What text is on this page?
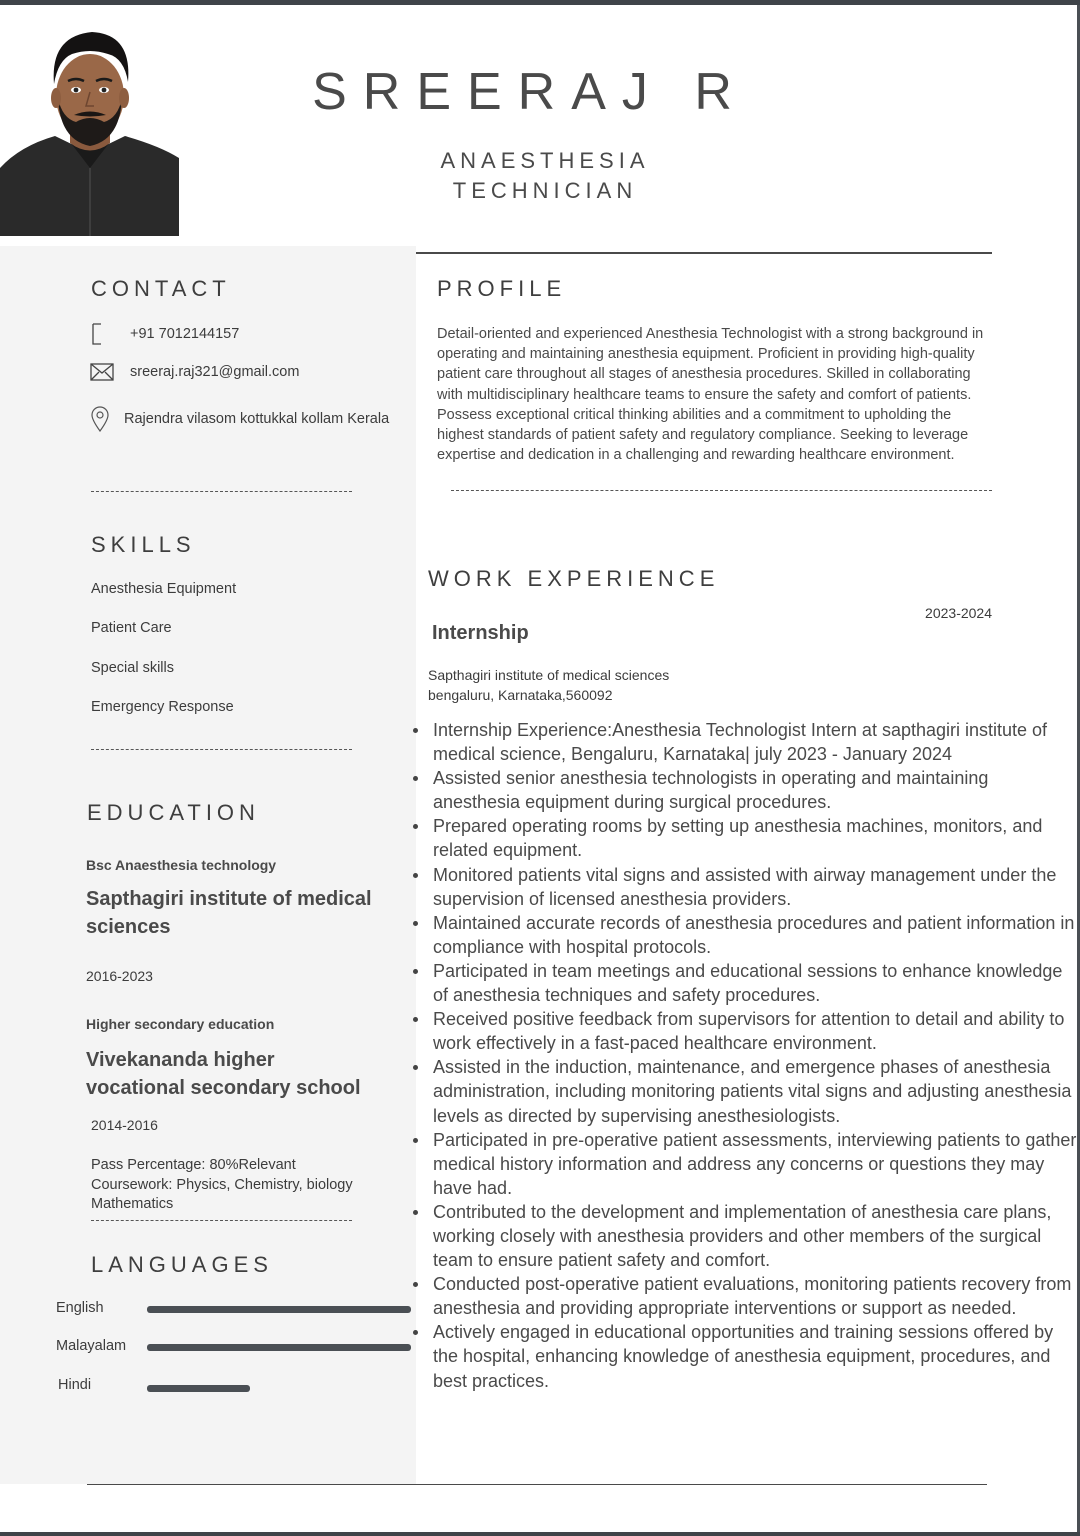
SREERAJ R
ANAESTHESIA
TECHNICIAN
CONTACT
+91 7012144157
sreeraj.raj321@gmail.com
Rajendra vilasom kottukkal kollam Kerala
SKILLS
Anesthesia Equipment
Patient Care
Special skills
Emergency Response
EDUCATION
Bsc Anaesthesia technology
Sapthagiri institute of medical sciences
2016-2023
Higher secondary education
Vivekananda higher
vocational secondary school
2014-2016
Pass Percentage: 80%Relevant Coursework: Physics, Chemistry, biology Mathematics
LANGUAGES
English
Malayalam
Hindi
PROFILE
Detail-oriented and experienced Anesthesia Technologist with a strong background in operating and maintaining anesthesia equipment. Proficient in providing high-quality patient care throughout all stages of anesthesia procedures. Skilled in collaborating with multidisciplinary healthcare teams to ensure the safety and comfort of patients. Possess exceptional critical thinking abilities and a commitment to upholding the highest standards of patient safety and regulatory compliance. Seeking to leverage expertise and dedication in a challenging and rewarding healthcare environment.
WORK EXPERIENCE
2023-2024
Internship
Sapthagiri institute of medical sciences
bengaluru, Karnataka,560092
Internship Experience:Anesthesia Technologist Intern at sapthagiri institute of medical science, Bengaluru, Karnataka| july 2023 - January 2024
Assisted senior anesthesia technologists in operating and maintaining anesthesia equipment during surgical procedures.
Prepared operating rooms by setting up anesthesia machines, monitors, and related equipment.
Monitored patients vital signs and assisted with airway management under the supervision of licensed anesthesia providers.
Maintained accurate records of anesthesia procedures and patient information in compliance with hospital protocols.
Participated in team meetings and educational sessions to enhance knowledge of anesthesia techniques and safety procedures.
Received positive feedback from supervisors for attention to detail and ability to work effectively in a fast-paced healthcare environment.
Assisted in the induction, maintenance, and emergence phases of anesthesia administration, including monitoring patients vital signs and adjusting anesthesia levels as directed by supervising anesthesiologists.
Participated in pre-operative patient assessments, interviewing patients to gather medical history information and address any concerns or questions they may have had.
Contributed to the development and implementation of anesthesia care plans, working closely with anesthesia providers and other members of the surgical team to ensure patient safety and comfort.
Conducted post-operative patient evaluations, monitoring patients recovery from anesthesia and providing appropriate interventions or support as needed.
Actively engaged in educational opportunities and training sessions offered by the hospital, enhancing knowledge of anesthesia equipment, procedures, and best practices.
